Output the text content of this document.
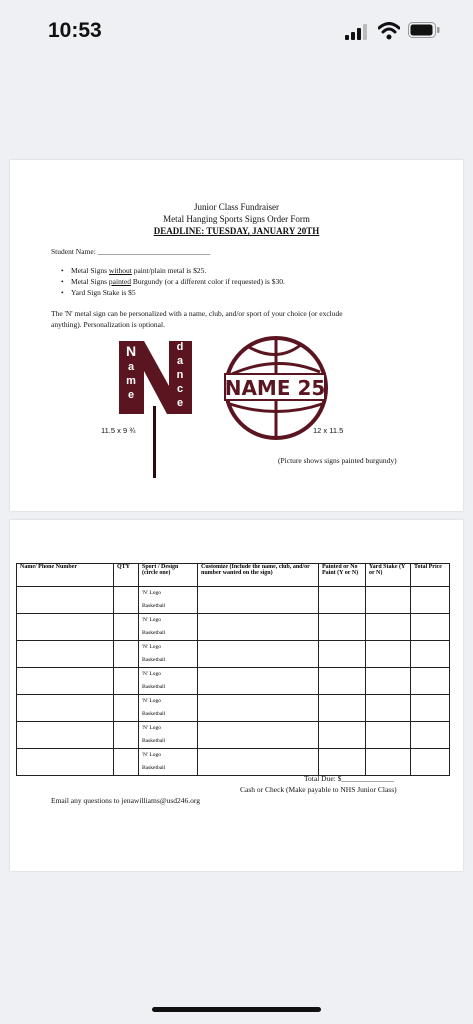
10:53
Junior Class Fundraiser
Metal Hanging Sports Signs Order Form
DEADLINE: TUESDAY, JANUARY 20TH
Student Name: ______________________________
• Metal Signs without paint/plain metal is $25.
• Metal Signs painted Burgundy (or a different color if requested) is $30.
• Yard Sign Stake is $5
The 'N' metal sign can be personalized with a name, club, and/or sport of your choice (or exclude
anything). Personalization is optional.
N
a
m
e
d
a
n
c
e
11.5 x 9 ¾
NAME 25
12 x 11.5
(Picture shows signs painted burgundy)
Name/ Phone Number	QTY	Sport / Design (circle one)	Customize (Include the name, club, and/or number wanted on the sign)	Painted or No Paint (Y or N)	Yard Stake (Y or N)	Total Price

		'N' Logo
Basketball				

		'N' Logo
Basketball				

		'N' Logo
Basketball				

		'N' Logo
Basketball				

		'N' Logo
Basketball				

		'N' Logo
Basketball				

		'N' Logo
Basketball				

Total Due: $______________
Cash or Check (Make payable to NHS Junior Class)
Email any questions to jenawilliams@usd246.org
